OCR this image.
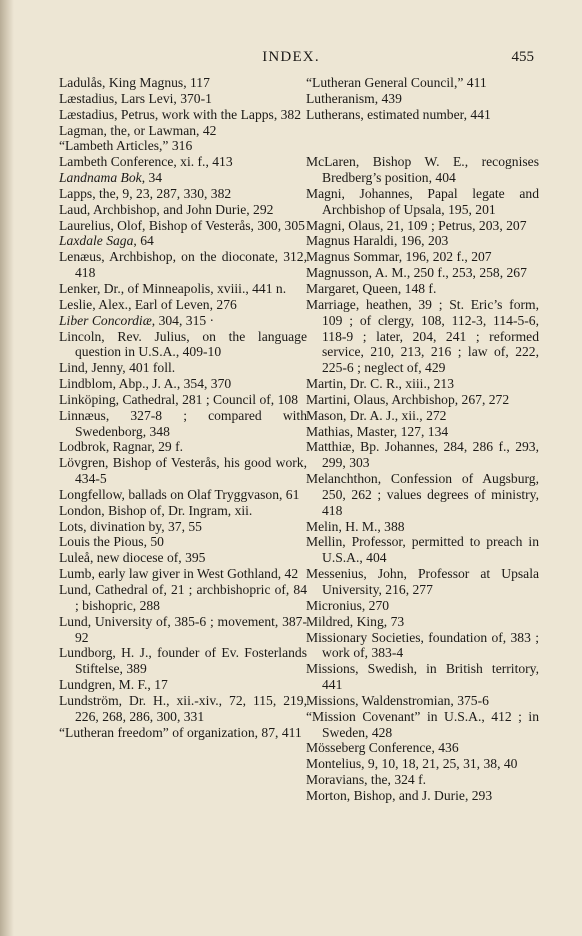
INDEX.	455
Ladulås, King Magnus, 117
Læstadius, Lars Levi, 370-1
Læstadius, Petrus, work with the Lapps, 382
Lagman, the, or Lawman, 42
“Lambeth Articles,” 316
Lambeth Conference, xi. f., 413
Landnama Bok, 34
Lapps, the, 9, 23, 287, 330, 382
Laud, Archbishop, and John Durie, 292
Laurelius, Olof, Bishop of Vesterås, 300, 305
Laxdale Saga, 64
Lenæus, Archbishop, on the dioconate, 312, 418
Lenker, Dr., of Minneapolis, xviii., 441 n.
Leslie, Alex., Earl of Leven, 276
Liber Concordiæ, 304, 315 ·
Lincoln, Rev. Julius, on the language question in U.S.A., 409-10
Lind, Jenny, 401 foll.
Lindblom, Abp., J. A., 354, 370
Linköping, Cathedral, 281 ; Council of, 108
Linnæus, 327-8 ; compared with Swedenborg, 348
Lodbrok, Ragnar, 29 f.
Lövgren, Bishop of Vesterås, his good work, 434-5
Longfellow, ballads on Olaf Tryggvason, 61
London, Bishop of, Dr. Ingram, xii.
Lots, divination by, 37, 55
Louis the Pious, 50
Luleå, new diocese of, 395
Lumb, early law giver in West Gothland, 42
Lund, Cathedral of, 21 ; archbishopric of, 84 ; bishopric, 288
Lund, University of, 385-6 ; movement, 387-92
Lundborg, H. J., founder of Ev. Fosterlands Stiftelse, 389
Lundgren, M. F., 17
Lundström, Dr. H., xii.-xiv., 72, 115, 219, 226, 268, 286, 300, 331
“Lutheran freedom” of organization, 87, 411
“Lutheran General Council,” 411
Lutheranism, 439
Lutherans, estimated number, 441
McLaren, Bishop W. E., recognises Bredberg’s position, 404
Magni, Johannes, Papal legate and Archbishop of Upsala, 195, 201
Magni, Olaus, 21, 109 ; Petrus, 203, 207
Magnus Haraldi, 196, 203
Magnus Sommar, 196, 202 f., 207
Magnusson, A. M., 250 f., 253, 258, 267
Margaret, Queen, 148 f.
Marriage, heathen, 39 ; St. Eric’s form, 109 ; of clergy, 108, 112-3, 114-5-6, 118-9 ; later, 204, 241 ; reformed service, 210, 213, 216 ; law of, 222, 225-6 ; neglect of, 429
Martin, Dr. C. R., xiii., 213
Martini, Olaus, Archbishop, 267, 272
Mason, Dr. A. J., xii., 272
Mathias, Master, 127, 134
Matthiæ, Bp. Johannes, 284, 286 f., 293, 299, 303
Melanchthon, Confession of Augsburg, 250, 262 ; values degrees of ministry, 418
Melin, H. M., 388
Mellin, Professor, permitted to preach in U.S.A., 404
Messenius, John, Professor at Upsala University, 216, 277
Micronius, 270
Mildred, King, 73
Missionary Societies, foundation of, 383 ; work of, 383-4
Missions, Swedish, in British territory, 441
Missions, Waldenstromian, 375-6
“Mission Covenant” in U.S.A., 412 ; in Sweden, 428
Mösseberg Conference, 436
Montelius, 9, 10, 18, 21, 25, 31, 38, 40
Moravians, the, 324 f.
Morton, Bishop, and J. Durie, 293
